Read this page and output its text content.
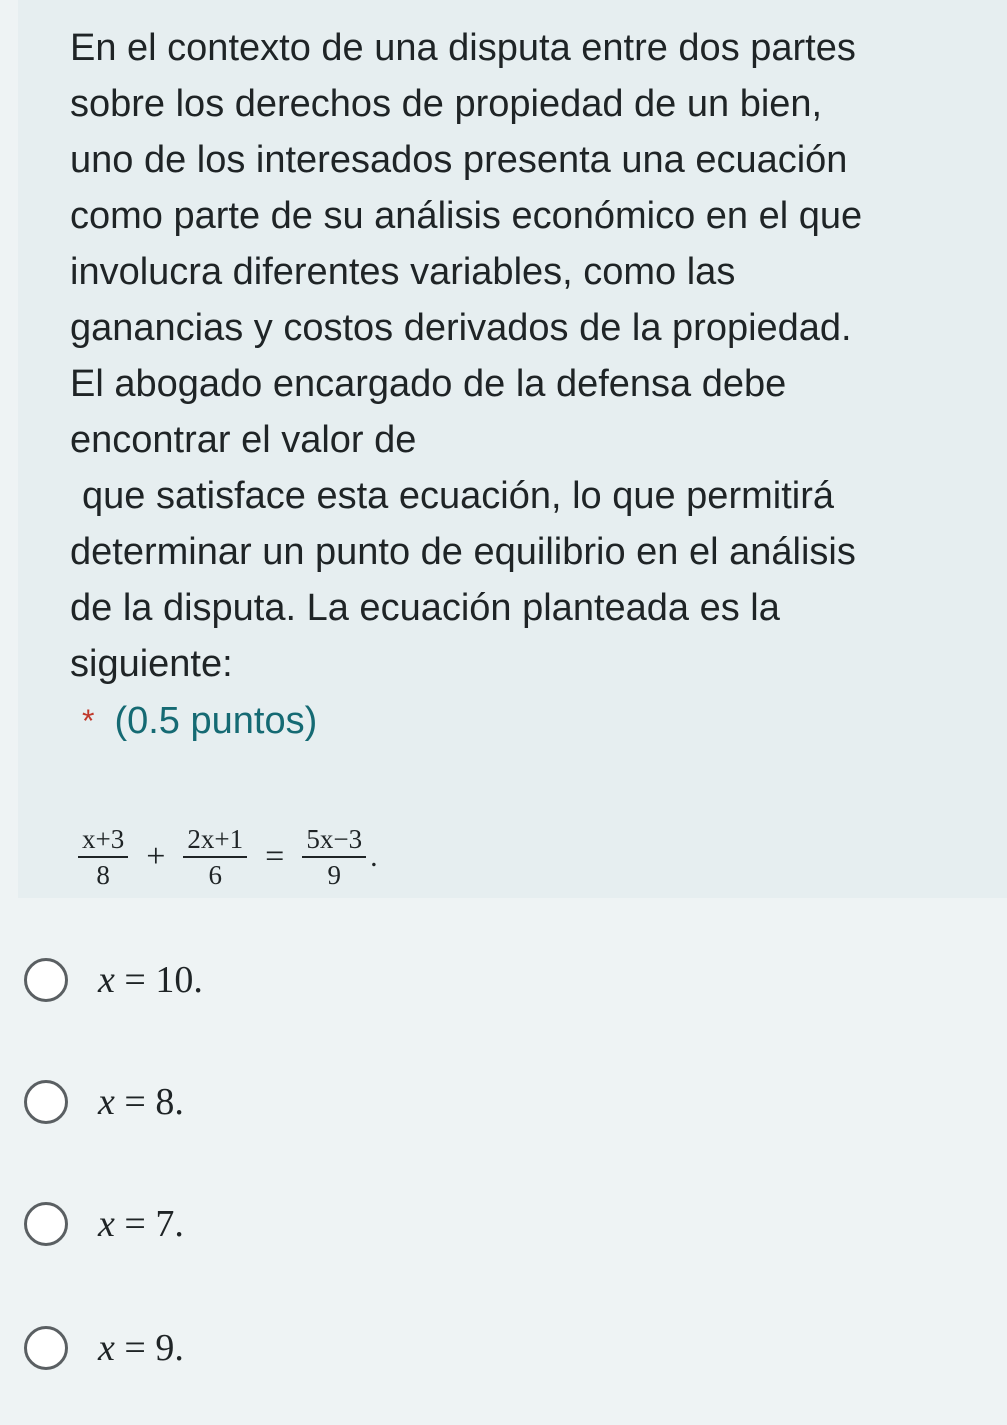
En el contexto de una disputa entre dos partes
sobre los derechos de propiedad de un bien,
uno de los interesados presenta una ecuación
como parte de su análisis económico en el que
involucra diferentes variables, como las
ganancias y costos derivados de la propiedad.
El abogado encargado de la defensa debe
encontrar el valor de
que satisface esta ecuación, lo que permitirá
determinar un punto de equilibrio en el análisis
de la disputa. La ecuación planteada es la
siguiente:

* (0.5 puntos)
$\frac{x+3}{8} + \frac{2x+1}{6} = \frac{5x-3}{9}$ .
x = 10.
x = 8.
x = 7.
x = 9.
